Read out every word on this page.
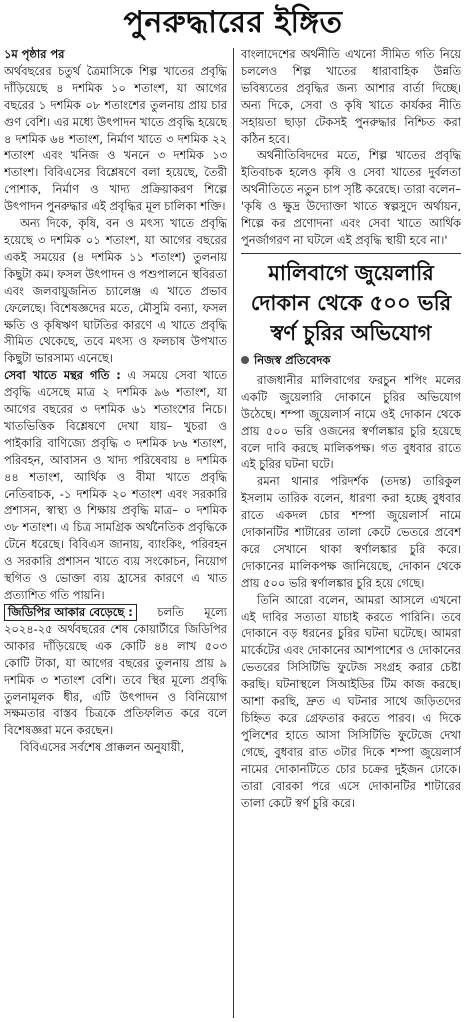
পুনরুদ্ধারের ইঙ্গিত

১ম পৃষ্ঠার পর

অর্থবছরের চতুর্থ ত্রৈমাসিকে শিল্প খাতের প্রবৃদ্ধি দাঁড়িয়েছে ৪ দশমিক ১০ শতাংশ, যা আগের বছরের ১ দশমিক ০৮ শতাংশের তুলনায় প্রায় চার গুণ বেশি। এর মধ্যে উৎপাদন খাতে প্রবৃদ্ধি হয়েছে ৪ দশমিক ৬৪ শতাংশ, নির্মাণ খাতে ৩ দশমিক ২২ শতাংশ এবং খনিজ ও খননে ৩ দশমিক ১৩ শতাংশ। বিবিএসের বিশ্লেষণে বলা হয়েছে, তৈরী পোশাক, নির্মাণ ও খাদ্য প্রক্রিয়াকরণ শিল্পে উৎপাদন পুনরুদ্ধার এই প্রবৃদ্ধির মূল চালিকা শক্তি।

অন্য দিকে, কৃষি, বন ও মৎস্য খাতে প্রবৃদ্ধি হয়েছে ৩ দশমিক ০১ শতাংশ, যা আগের বছরের একই সময়ের (৪ দশমিক ১১ শতাংশ) তুলনায় কিছুটা কম। ফসল উৎপাদন ও পশুপালনে স্থবিরতা এবং জলবায়ুজনিত চ্যালেঞ্জ এ খাতে প্রভাব ফেলেছে। বিশেষজ্ঞদের মতে, মৌসুমি বন্যা, ফসল ক্ষতি ও কৃষিঋণ ঘাটতির কারণে এ খাতে প্রবৃদ্ধি সীমিত থেকেছে, তবে মৎস্য ও ফলচাষ উপখাত কিছুটা ভারসাম্য এনেছে।

সেবা খাতে মন্থর গতি : এ সময়ে সেবা খাতে প্রবৃদ্ধি এসেছে মাত্র ২ দশমিক ৯৬ শতাংশ, যা আগের বছরের ৩ দশমিক ৬১ শতাংশের নিচে। খাতভিত্তিক বিশ্লেষণে দেখা যায়– খুচরা ও পাইকারি বাণিজ্যে প্রবৃদ্ধি ৩ দশমিক ৮৬ শতাংশ, পরিবহন, আবাসন ও খাদ্য পরিষেবায় ৪ দশমিক ৪৪ শতাংশ, আর্থিক ও বীমা খাতে প্রবৃদ্ধি নেতিবাচক, -১ দশমিক ২০ শতাংশ এবং সরকারি প্রশাসন, স্বাস্থ্য ও শিক্ষায় প্রবৃদ্ধি মাত্র– ০ দশমিক ৩৮ শতাংশ। এ চিত্র সামগ্রিক অর্থনৈতিক প্রবৃদ্ধিকে টেনে ধরেছে। বিবিএস জানায়, ব্যাংকিং, পরিবহন ও সরকারি প্রশাসন খাতে ব্যয় সংকোচন, নিয়োগ স্থগিত ও ভোক্তা ব্যয় হ্রাসের কারণে এ খাত প্রত্যাশিত গতি পায়নি।

জিডিপির আকার বেড়েছে : চলতি মূল্যে ২০২৪-২৫ অর্থবছরের শেষ কোয়ার্টারে জিডিপির আকার দাঁড়িয়েছে এক কোটি ৪৪ লাখ ৫০৩ কোটি টাকা, যা আগের বছরের তুলনায় প্রায় ৯ দশমিক ৩ শতাংশ বেশি। তবে স্থির মূল্যে প্রবৃদ্ধি তুলনামূলক ধীর, এটি উৎপাদন ও বিনিয়োগ সক্ষমতার বাস্তব চিত্রকে প্রতিফলিত করে বলে বিশেষজ্ঞরা মনে করছেন।

বিবিএসের সর্বশেষ প্রাক্কলন অনুযায়ী,

বাংলাদেশের অর্থনীতি এখনো সীমিত গতি নিয়ে চললেও শিল্প খাতের ধারাবাহিক উন্নতি ভবিষ্যতের প্রবৃদ্ধির জন্য আশার বার্তা দিচ্ছে। অন্য দিকে, সেবা ও কৃষি খাতে কার্যকর নীতি সহায়তা ছাড়া টেকসই পুনরুদ্ধার নিশ্চিত করা কঠিন হবে।

অর্থনীতিবিদদের মতে, শিল্প খাতের প্রবৃদ্ধি ইতিবাচক হলেও কৃষি ও সেবা খাতের দুর্বলতা অর্থনীতিতে নতুন চাপ সৃষ্টি করেছে। তারা বলেন– 'কৃষি ও ক্ষুদ্র উদ্যোক্তা খাতে স্বল্পসুদে অর্থায়ন, শিল্পে কর প্রণোদনা এবং সেবা খাতে আর্থিক পুনর্জাগরণ না ঘটলে এই প্রবৃদ্ধি স্থায়ী হবে না।'

মালিবাগে জুয়েলারি দোকান থেকে ৫০০ ভরি স্বর্ণ চুরির অভিযোগ
নিজস্ব প্রতিবেদক

রাজধানীর মালিবাগের ফরচুন শপিং মলের একটি জুয়েলারি দোকানে চুরির অভিযোগ উঠেছে। শম্পা জুয়েলার্স নামে ওই দোকান থেকে প্রায় ৫০০ ভরি ওজনের স্বর্ণালঙ্কার চুরি হয়েছে বলে দাবি করছে মালিকপক্ষ। গত বুধবার রাতে এই চুরির ঘটনা ঘটে।

রমনা থানার পরিদর্শক (তদন্ত) তারিকুল ইসলাম তারিক বলেন, ধারণা করা হচ্ছে বুধবার রাতে একদল চোর শম্পা জুয়েলার্স নামে দোকানটির শাটারের তালা কেটে ভেতরে প্রবেশ করে সেখানে থাকা স্বর্ণালঙ্কার চুরি করে। দোকানের মালিকপক্ষ জানিয়েছে, দোকান থেকে প্রায় ৫০০ ভরি স্বর্ণালঙ্কার চুরি হয়ে গেছে।

তিনি আরো বলেন, আমরা আসলে এখনো এই দাবির সত্যতা যাচাই করতে পারিনি। তবে দোকানে বড় ধরনের চুরির ঘটনা ঘটেছে। আমরা মার্কেটের এবং দোকানের আশপাশের ও দোকানের ভেতরের সিসিটিভি ফুটেজ সংগ্রহ করার চেষ্টা করছি। ঘটনাস্থলে সিআইডির টিম কাজ করছে। আশা করছি, দ্রুত এ ঘটনার সাথে জড়িতদের চিহ্নিত করে গ্রেফতার করতে পারব। এ দিকে পুলিশের হাতে আসা সিসিটিভি ফুটেজে দেখা গেছে, বুধবার রাত ৩টার দিকে শম্পা জুয়েলার্স নামের দোকানটিতে চোর চক্রের দুইজন ঢোকে। তারা বোরকা পরে এসে দোকানটির শাটারের তালা কেটে স্বর্ণ চুরি করে।
